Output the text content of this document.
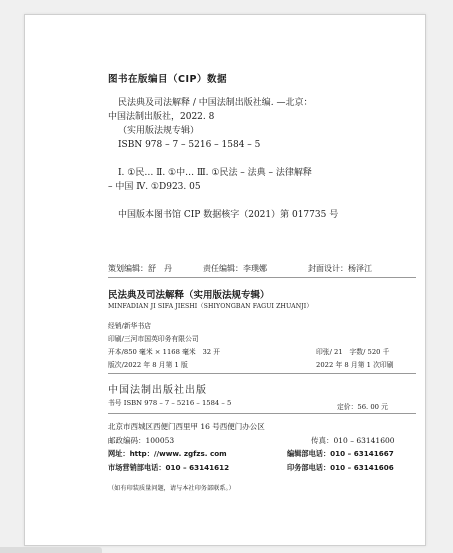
图书在版编目（CIP）数据
民法典及司法解释 / 中国法制出版社编. —北京：
中国法制出版社，2022. 8
（实用版法规专辑）
ISBN 978 – 7 – 5216 – 1584 – 5
Ⅰ. ①民… Ⅱ. ①中… Ⅲ. ①民法 – 法典 – 法律解释
– 中国 Ⅳ. ①D923. 05
中国版本图书馆 CIP 数据核字（2021）第 017735 号
策划编辑：舒　丹	责任编辑：李璞娜	封面设计：杨泽江
民法典及司法解释（实用版法规专辑）
MINFADIAN JI SIFA JIESHI（SHIYONGBAN FAGUI ZHUANJI）
经销/新华书店
印刷/三河市国英印务有限公司
开本/850 毫米 × 1168 毫米　32 开	印张/ 21　字数/ 520 千
版次/2022 年 8 月第 1 版	2022 年 8 月第 1 次印刷
中国法制出版社出版
书号 ISBN 978 – 7 – 5216 – 1584 – 5	定价：56. 00 元
北京市西城区西便门西里甲 16 号西便门办公区
邮政编码：100053	传真：010 – 63141600
网址：http：//www. zgfzs. com	编辑部电话：010 – 63141667
市场营销部电话：010 – 63141612	印务部电话：010 – 63141606
（如有印装质量问题，请与本社印务部联系。）
